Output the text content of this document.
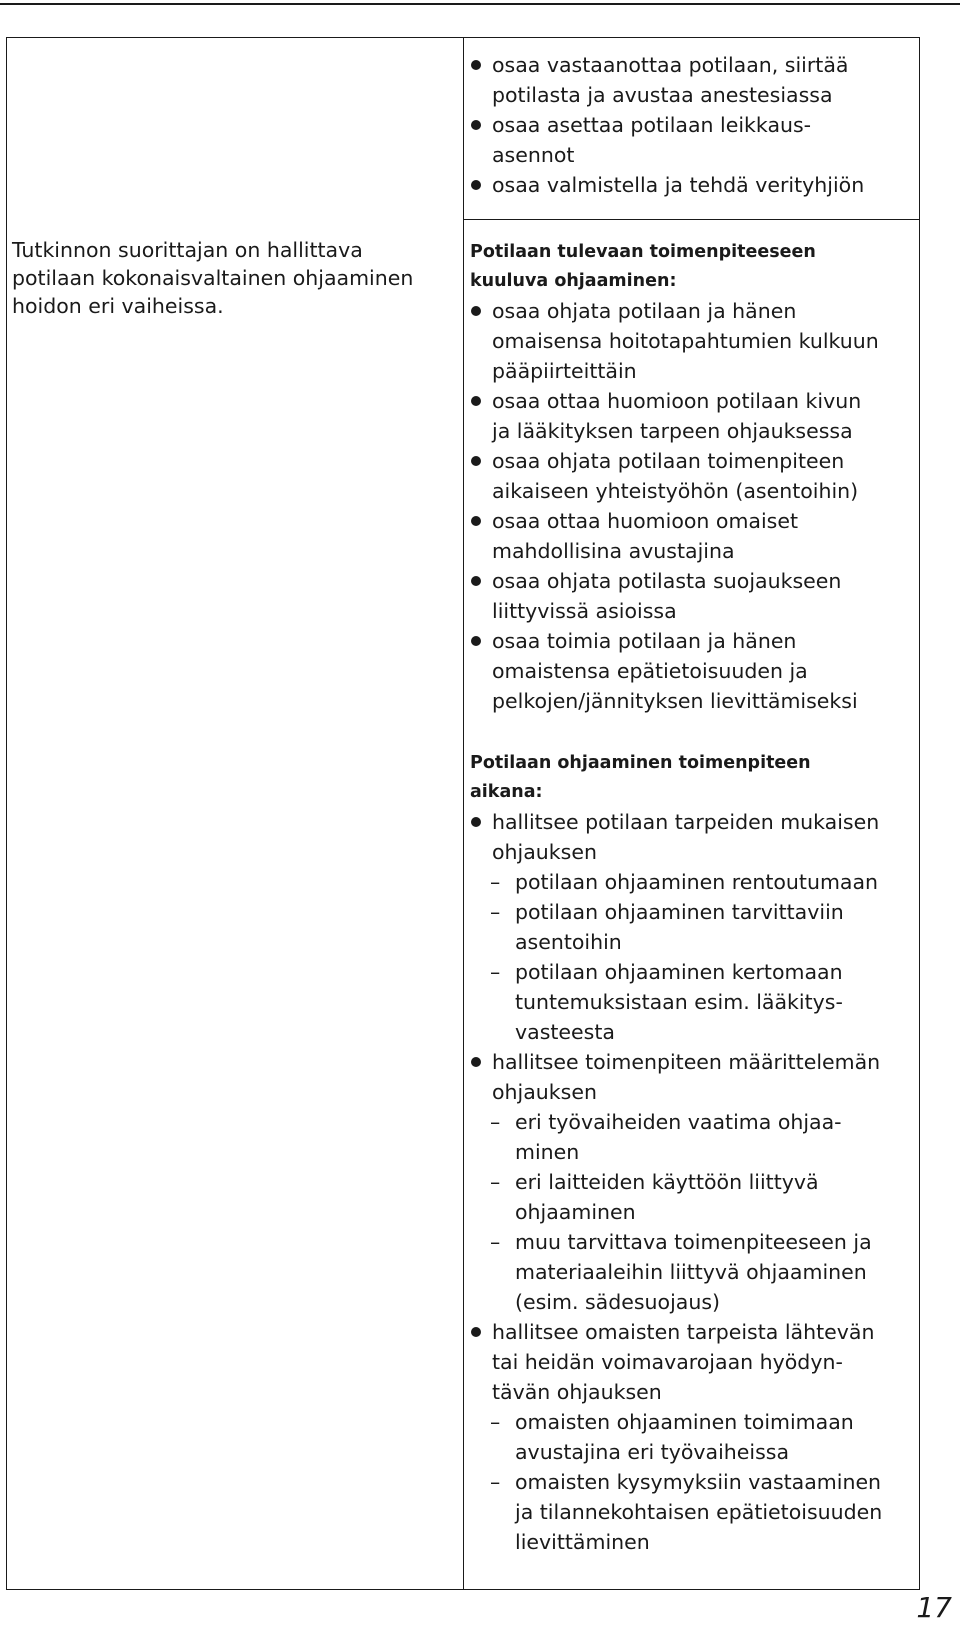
Tutkinnon suorittajan on hallittava
potilaan kokonaisvaltainen ohjaaminen
hoidon eri vaiheissa.
osaa vastaanottaa potilaan, siirtää
potilasta ja avustaa anestesiassa
osaa asettaa potilaan leikkaus-
asennot
osaa valmistella ja tehdä verityhjiön
Potilaan tulevaan toimenpiteeseen
kuuluva ohjaaminen:
osaa ohjata potilaan ja hänen
omaisensa hoitotapahtumien kulkuun
pääpiirteittäin
osaa ottaa huomioon potilaan kivun
ja lääkityksen tarpeen ohjauksessa
osaa ohjata potilaan toimenpiteen
aikaiseen yhteistyöhön (asentoihin)
osaa ottaa huomioon omaiset
mahdollisina avustajina
osaa ohjata potilasta suojaukseen
liittyvissä asioissa
osaa toimia potilaan ja hänen
omaistensa epätietoisuuden ja
pelkojen/jännityksen lievittämiseksi
Potilaan ohjaaminen toimenpiteen
aikana:
hallitsee potilaan tarpeiden mukaisen
ohjauksen
– potilaan ohjaaminen rentoutumaan
– potilaan ohjaaminen tarvittaviin
asentoihin
– potilaan ohjaaminen kertomaan
tuntemuksistaan esim. lääkitys-
vasteesta
hallitsee toimenpiteen määrittelemän
ohjauksen
– eri työvaiheiden vaatima ohjaa-
minen
– eri laitteiden käyttöön liittyvä
ohjaaminen
– muu tarvittava toimenpiteeseen ja
materiaaleihin liittyvä ohjaaminen
(esim. sädesuojaus)
hallitsee omaisten tarpeista lähtevän
tai heidän voimavarojaan hyödyn-
tävän ohjauksen
– omaisten ohjaaminen toimimaan
avustajina eri työvaiheissa
– omaisten kysymyksiin vastaaminen
ja tilannekohtaisen epätietoisuuden
lievittäminen
17
